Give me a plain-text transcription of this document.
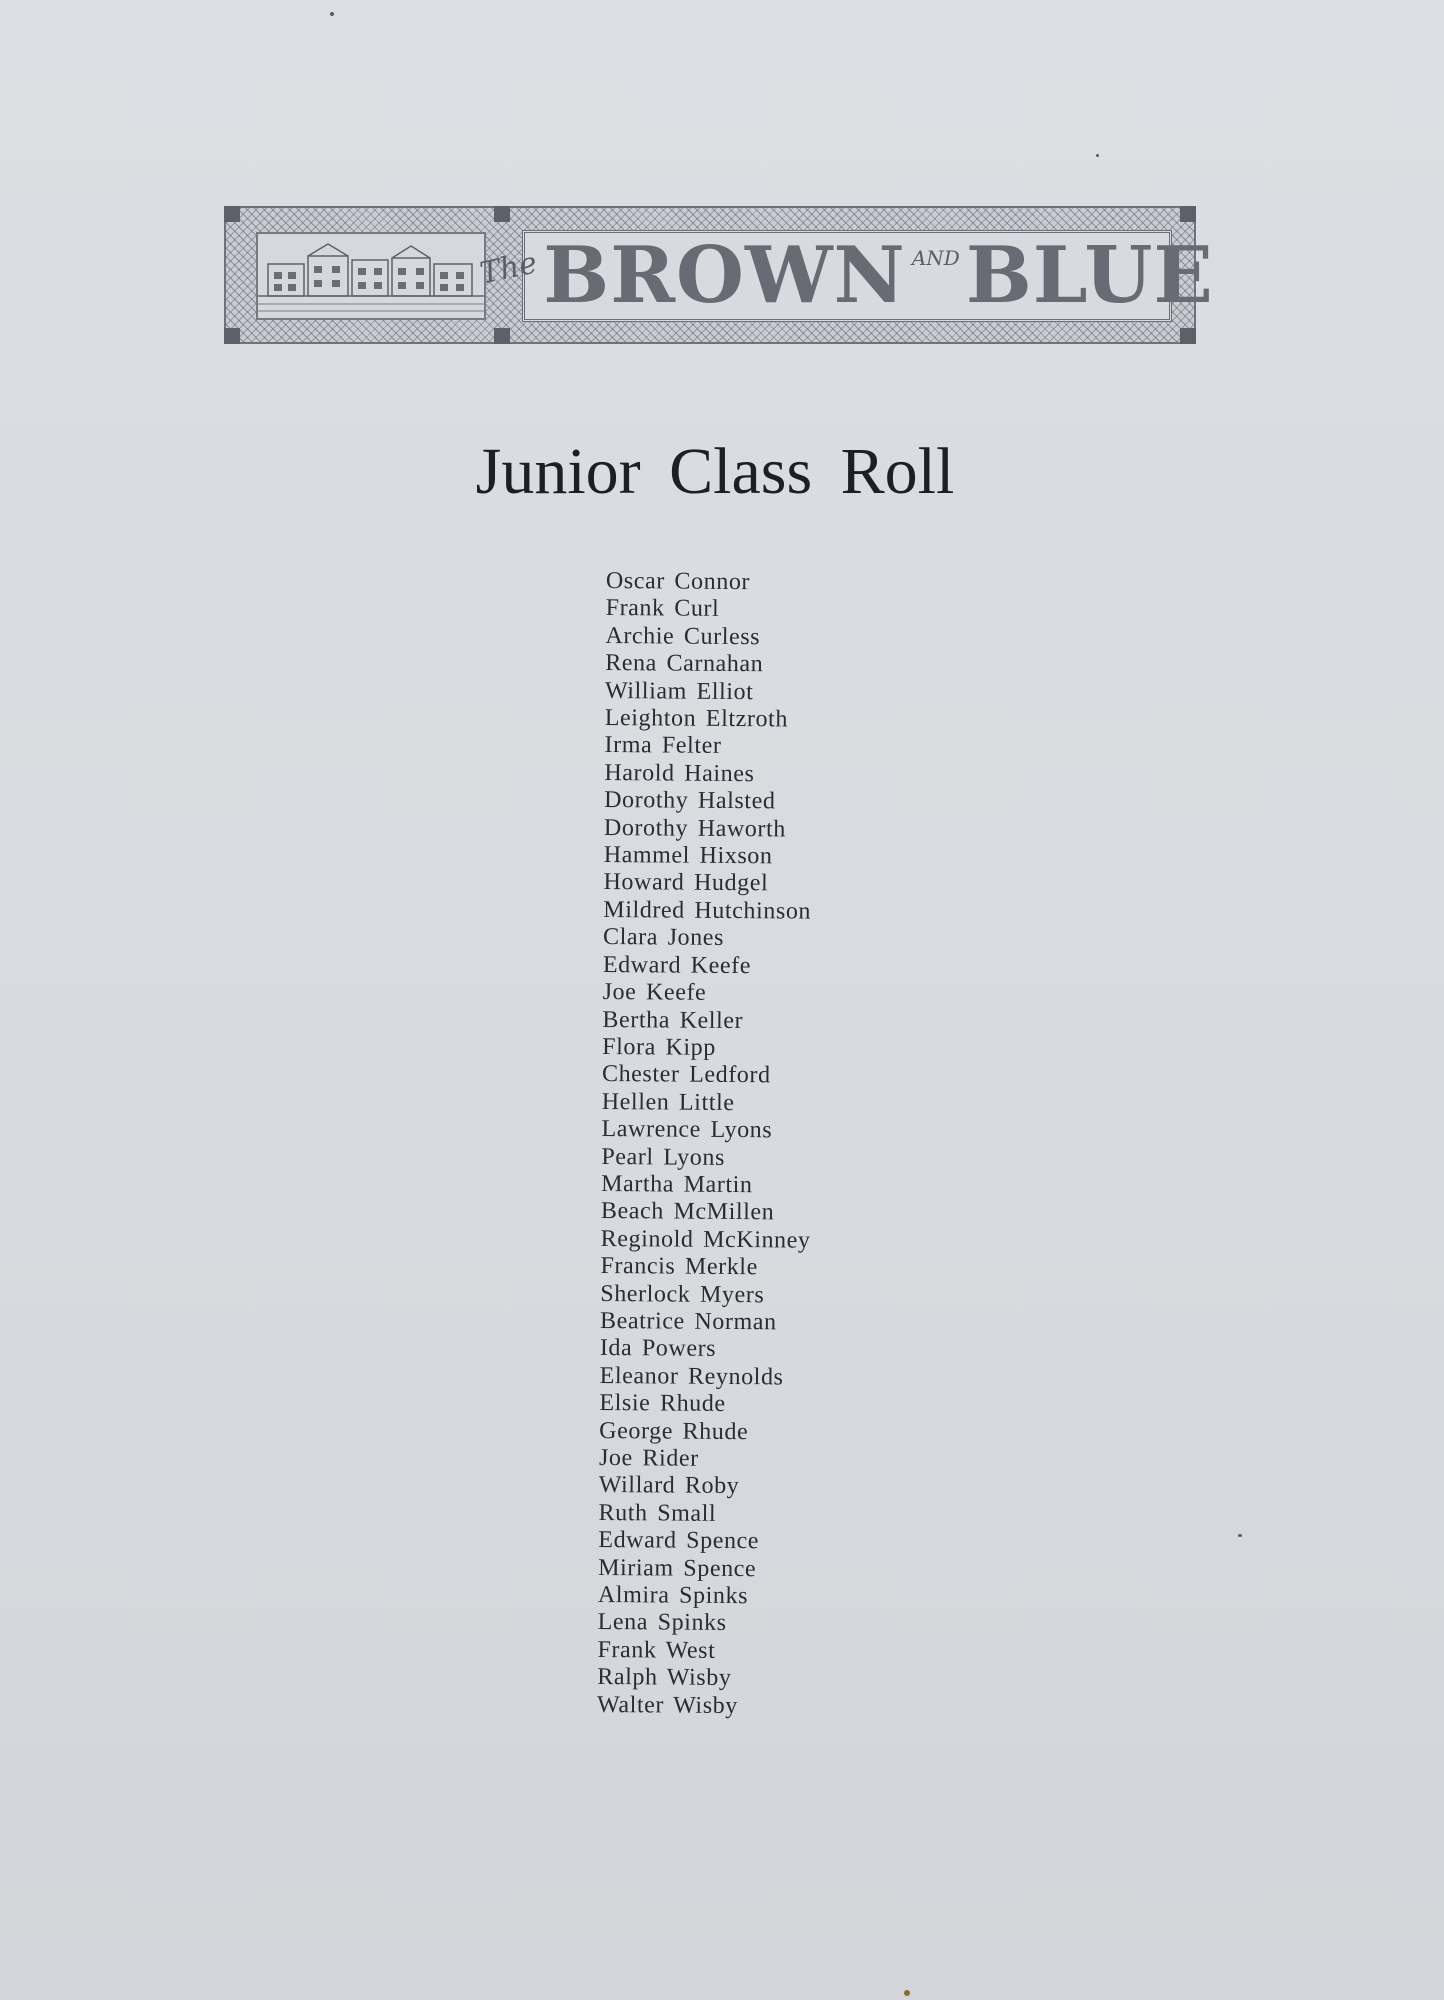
The BROWN AND BLUE
Junior Class Roll
Oscar Connor
Frank Curl
Archie Curless
Rena Carnahan
William Elliot
Leighton Eltzroth
Irma Felter
Harold Haines
Dorothy Halsted
Dorothy Haworth
Hammel Hixson
Howard Hudgel
Mildred Hutchinson
Clara Jones
Edward Keefe
Joe Keefe
Bertha Keller
Flora Kipp
Chester Ledford
Hellen Little
Lawrence Lyons
Pearl Lyons
Martha Martin
Beach McMillen
Reginold McKinney
Francis Merkle
Sherlock Myers
Beatrice Norman
Ida Powers
Eleanor Reynolds
Elsie Rhude
George Rhude
Joe Rider
Willard Roby
Ruth Small
Edward Spence
Miriam Spence
Almira Spinks
Lena Spinks
Frank West
Ralph Wisby
Walter Wisby
